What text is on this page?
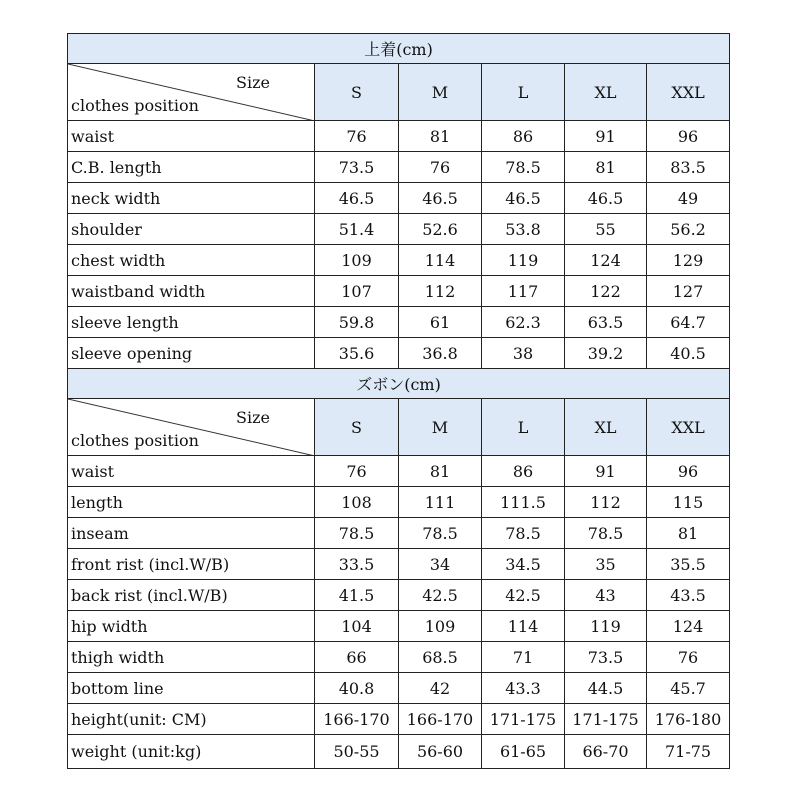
上着(cm)					

Size
clothes position	S	M	L	XL	XXL
waist	76	81	86	91	96
C.B. length	73.5	76	78.5	81	83.5
neck width	46.5	46.5	46.5	46.5	49
shoulder	51.4	52.6	53.8	55	56.2
chest width	109	114	119	124	129
waistband width	107	112	117	122	127
sleeve length	59.8	61	62.3	63.5	64.7
sleeve opening	35.6	36.8	38	39.2	40.5
ズボン(cm)					

Size
clothes position	S	M	L	XL	XXL
waist	76	81	86	91	96
length	108	111	111.5	112	115
inseam	78.5	78.5	78.5	78.5	81
front rist (incl.W/B)	33.5	34	34.5	35	35.5
back rist (incl.W/B)	41.5	42.5	42.5	43	43.5
hip width	104	109	114	119	124
thigh width	66	68.5	71	73.5	76
bottom line	40.8	42	43.3	44.5	45.7
height(unit: CM)	166-170	166-170	171-175	171-175	176-180
weight (unit:kg)	50-55	56-60	61-65	66-70	71-75
